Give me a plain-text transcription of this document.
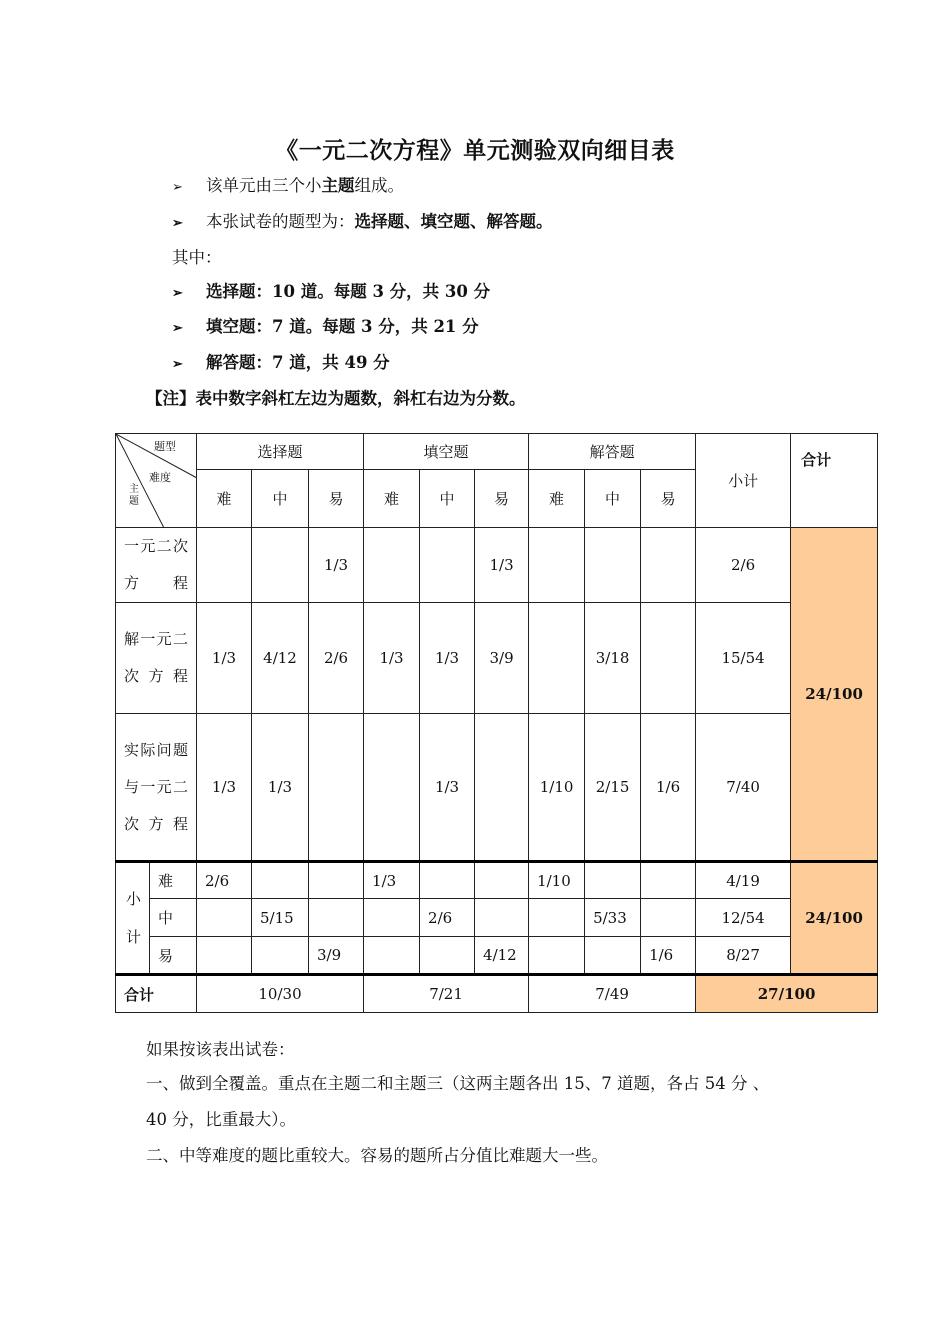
《一元二次方程》单元测验双向细目表
➢ 该单元由三个小主题组成。
➢ 本张试卷的题型为：选择题、填空题、解答题。
其中：
➢ 选择题：10 道。每题 3 分，共 30 分
➢ 填空题：7 道。每题 3 分，共 21 分
➢ 解答题：7 道，共 49 分
【注】表中数字斜杠左边为题数，斜杠右边为分数。
题型
难度
主题		选择题			填空题			解答题			小计	合计
		难	中	易	难	中	易	难	中	易		
一元二次方程				1/3			1/3				2/6	24/100
解一元二次方程		1/3	4/12	2/6	1/3	1/3	3/9		3/18		15/54	
实际问题与一元二次方程		1/3	1/3			1/3		1/10	2/15	1/6	7/40	
小计	难	2/6			1/3			1/10			4/19	24/100
	中		5/15			2/6			5/33		12/54	
	易			3/9			4/12			1/6	8/27	
合计		10/30			7/21			7/49			27/100	
如果按该表出试卷：
一、做到全覆盖。重点在主题二和主题三（这两主题各出 15、7 道题，各占 54 分 、
40 分，比重最大）。
二、中等难度的题比重较大。容易的题所占分值比难题大一些。
